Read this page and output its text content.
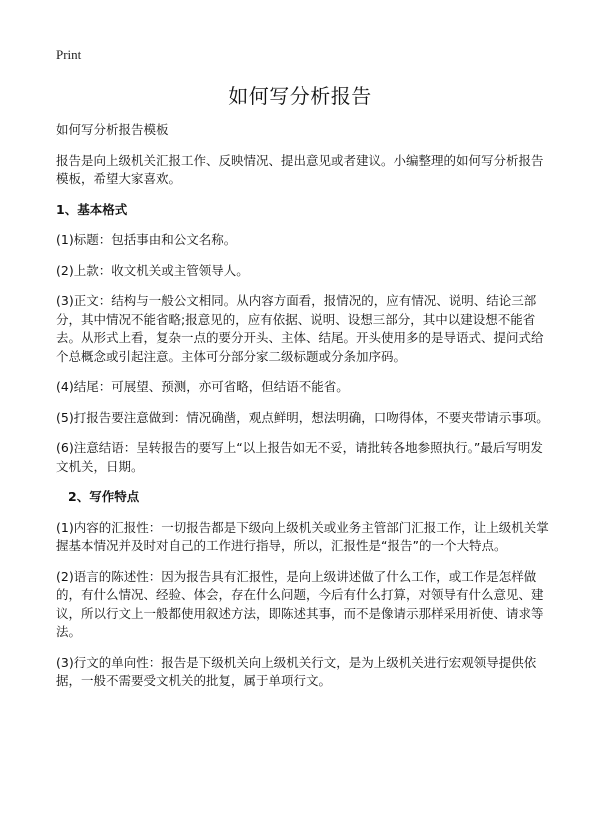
Print
如何写分析报告

如何写分析报告模板

报告是向上级机关汇报工作、反映情况、提出意见或者建议。小编整理的如何写分析报告模板，希望大家喜欢。

1、基本格式

(1)标题：包括事由和公文名称。

(2)上款：收文机关或主管领导人。

(3)正文：结构与一般公文相同。从内容方面看，报情况的，应有情况、说明、结论三部分，其中情况不能省略;报意见的，应有依据、说明、设想三部分，其中以建设想不能省去。从形式上看，复杂一点的要分开头、主体、结尾。开头使用多的是导语式、提问式给个总概念或引起注意。主体可分部分家二级标题或分条加序码。

(4)结尾：可展望、预测，亦可省略，但结语不能省。

(5)打报告要注意做到：情况确凿，观点鲜明，想法明确，口吻得体，不要夹带请示事项。

(6)注意结语：呈转报告的要写上“以上报告如无不妥，请批转各地参照执行。”最后写明发文机关，日期。

2、写作特点

(1)内容的汇报性：一切报告都是下级向上级机关或业务主管部门汇报工作，让上级机关掌握基本情况并及时对自己的工作进行指导，所以，汇报性是“报告”的一个大特点。

(2)语言的陈述性：因为报告具有汇报性，是向上级讲述做了什么工作，或工作是怎样做的，有什么情况、经验、体会，存在什么问题，今后有什么打算，对领导有什么意见、建议，所以行文上一般都使用叙述方法，即陈述其事，而不是像请示那样采用祈使、请求等法。

(3)行文的单向性：报告是下级机关向上级机关行文，是为上级机关进行宏观领导提供依据，一般不需要受文机关的批复，属于单项行文。
